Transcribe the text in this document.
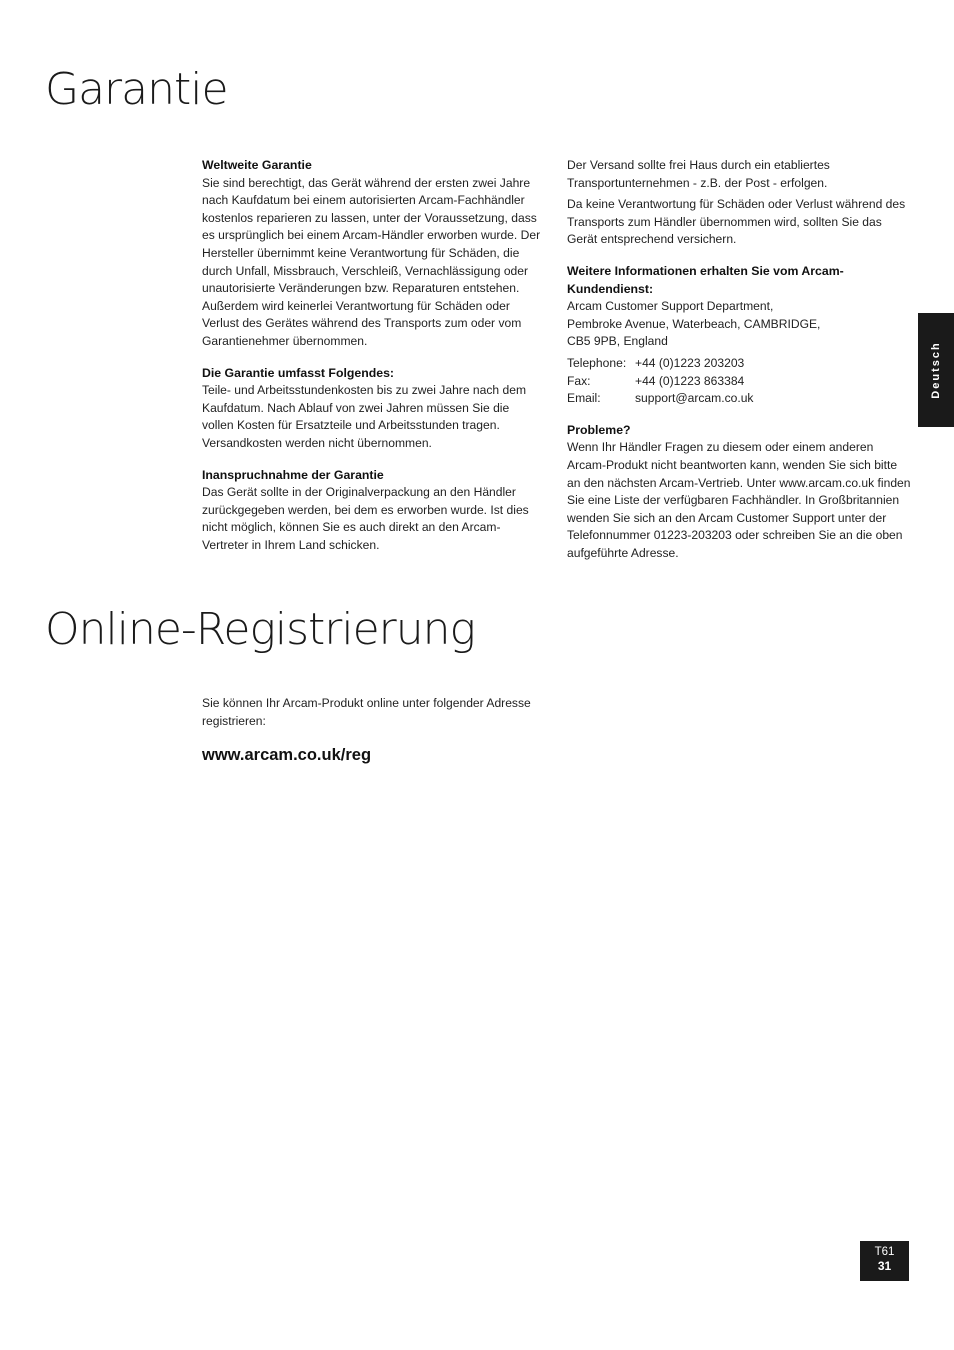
Garantie
Weltweite Garantie

Sie sind berechtigt, das Gerät während der ersten zwei Jahre nach Kaufdatum bei einem autorisierten Arcam-Fachhändler kostenlos reparieren zu lassen, unter der Voraussetzung, dass es ursprünglich bei einem Arcam-Händler erworben wurde. Der Hersteller übernimmt keine Verantwortung für Schäden, die durch Unfall, Missbrauch, Verschleiß, Vernachlässigung oder unautorisierte Veränderungen bzw. Reparaturen entstehen. Außerdem wird keinerlei Verantwortung für Schäden oder Verlust des Gerätes während des Transports zum oder vom Garantienehmer übernommen.

Die Garantie umfasst Folgendes:

Teile- und Arbeitsstundenkosten bis zu zwei Jahre nach dem Kaufdatum. Nach Ablauf von zwei Jahren müssen Sie die vollen Kosten für Ersatzteile und Arbeitsstunden tragen. Versandkosten werden nicht übernommen.

Inanspruchnahme der Garantie

Das Gerät sollte in der Originalverpackung an den Händler zurückgegeben werden, bei dem es erworben wurde. Ist dies nicht möglich, können Sie es auch direkt an den Arcam-Vertreter in Ihrem Land schicken.

Der Versand sollte frei Haus durch ein etabliertes Transportunternehmen - z.B. der Post - erfolgen.

Da keine Verantwortung für Schäden oder Verlust während des Transports zum Händler übernommen wird, sollten Sie das Gerät entsprechend versichern.

Weitere Informationen erhalten Sie vom Arcam-Kundendienst:

Arcam Customer Support Department,

Pembroke Avenue, Waterbeach, CAMBRIDGE,

CB5 9PB, England

Telephone:	+44 (0)1223 203203
Fax:	+44 (0)1223 863384
Email:	support@arcam.co.uk
Probleme?

Wenn Ihr Händler Fragen zu diesem oder einem anderen Arcam-Produkt nicht beantworten kann, wenden Sie sich bitte an den nächsten Arcam-Vertrieb. Unter www.arcam.co.uk finden Sie eine Liste der verfügbaren Fachhändler. In Großbritannien wenden Sie sich an den Arcam Customer Support unter der Telefonnummer 01223-203203 oder schreiben Sie an die oben aufgeführte Adresse.

Online-Registrierung

Sie können Ihr Arcam-Produkt online unter folgender Adresse registrieren:

www.arcam.co.uk/reg
Deutsch
T61
31
